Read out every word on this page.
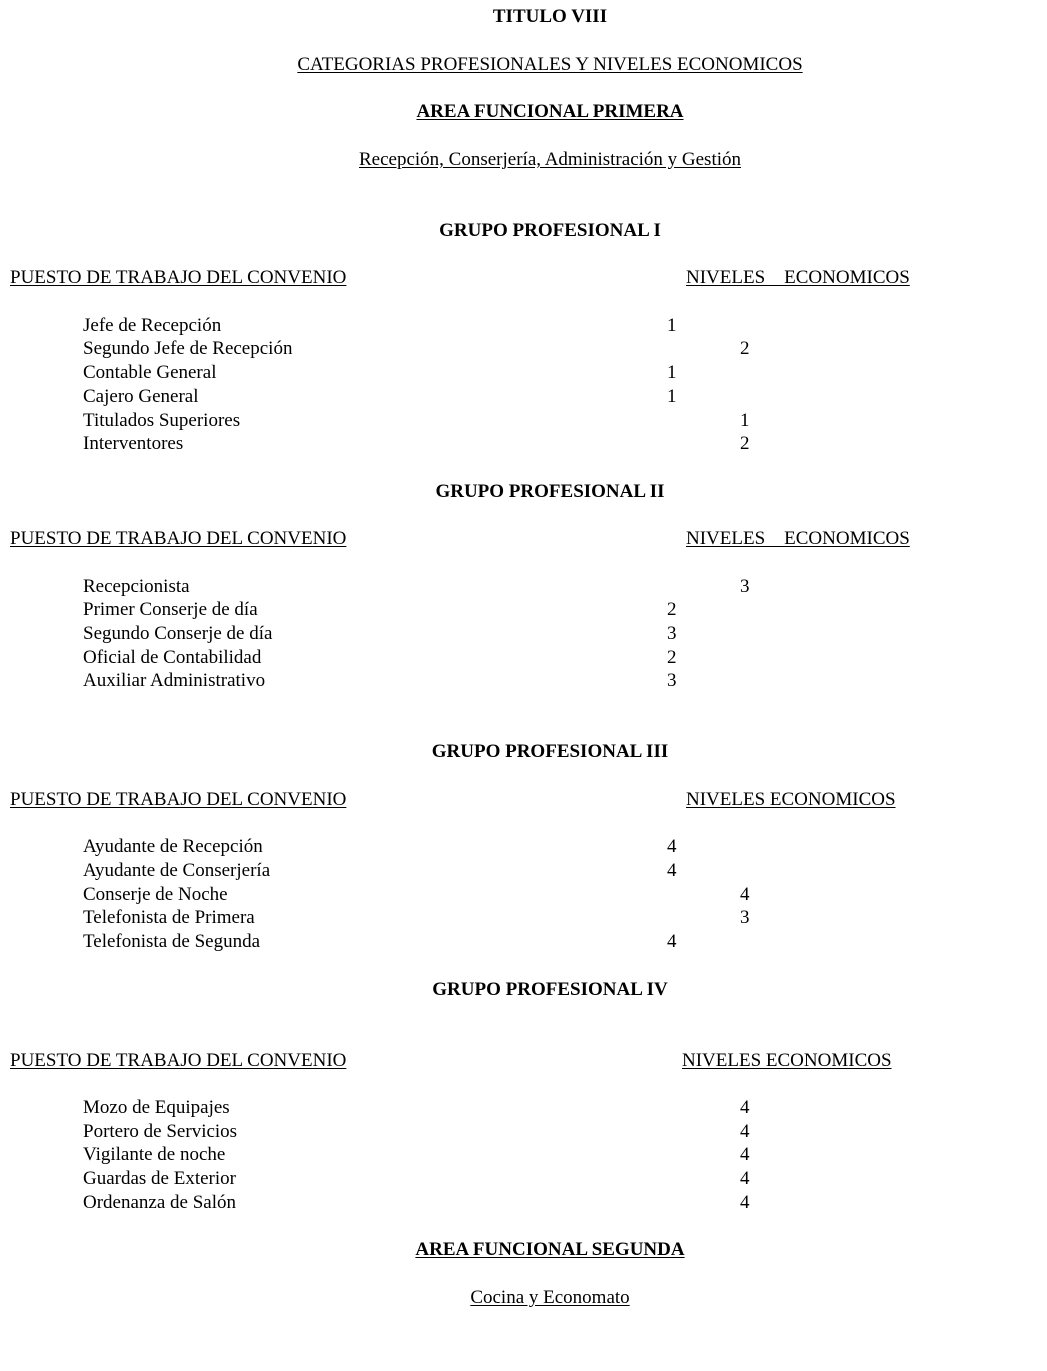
TITULO VIII
CATEGORIAS PROFESIONALES Y NIVELES ECONOMICOS
AREA FUNCIONAL PRIMERA
Recepción, Conserjería, Administración y Gestión
GRUPO PROFESIONAL I
PUESTO DE TRABAJO DEL CONVENIO	NIVELES    ECONOMICOS
Jefe de Recepción	1
Segundo Jefe de Recepción	2
Contable General	1
Cajero General	1
Titulados Superiores	1
Interventores	2
GRUPO PROFESIONAL II
PUESTO DE TRABAJO DEL CONVENIO	NIVELES    ECONOMICOS
Recepcionista	3
Primer Conserje de día	2
Segundo Conserje de día	3
Oficial de Contabilidad	2
Auxiliar Administrativo	3
GRUPO PROFESIONAL III
PUESTO DE TRABAJO DEL CONVENIO	NIVELES ECONOMICOS
Ayudante de Recepción	4
Ayudante de Conserjería	4
Conserje de Noche	4
Telefonista de Primera	3
Telefonista de Segunda	4
GRUPO PROFESIONAL IV
PUESTO DE TRABAJO DEL CONVENIO	NIVELES ECONOMICOS
Mozo de Equipajes	4
Portero de Servicios	4
Vigilante de noche	4
Guardas de Exterior	4
Ordenanza de Salón	4
AREA FUNCIONAL SEGUNDA
Cocina y Economato
